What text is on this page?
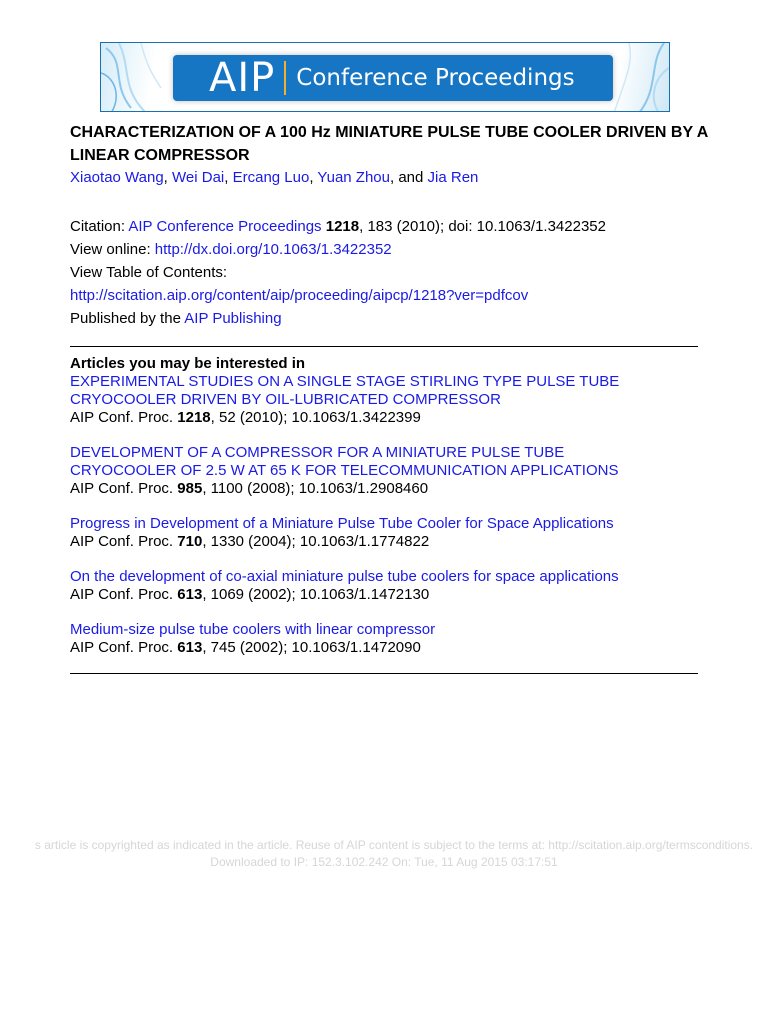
AIP Conference Proceedings
CHARACTERIZATION OF A 100 Hz MINIATURE PULSE TUBE COOLER DRIVEN BY A LINEAR COMPRESSOR
Xiaotao Wang, Wei Dai, Ercang Luo, Yuan Zhou, and Jia Ren
Citation: AIP Conference Proceedings 1218, 183 (2010); doi: 10.1063/1.3422352
View online: http://dx.doi.org/10.1063/1.3422352
View Table of Contents:
http://scitation.aip.org/content/aip/proceeding/aipcp/1218?ver=pdfcov
Published by the AIP Publishing
Articles you may be interested in
EXPERIMENTAL STUDIES ON A SINGLE STAGE STIRLING TYPE PULSE TUBE
CRYOCOOLER DRIVEN BY OIL-LUBRICATED COMPRESSOR
AIP Conf. Proc. 1218, 52 (2010); 10.1063/1.3422399
DEVELOPMENT OF A COMPRESSOR FOR A MINIATURE PULSE TUBE
CRYOCOOLER OF 2.5 W AT 65 K FOR TELECOMMUNICATION APPLICATIONS
AIP Conf. Proc. 985, 1100 (2008); 10.1063/1.2908460
Progress in Development of a Miniature Pulse Tube Cooler for Space Applications
AIP Conf. Proc. 710, 1330 (2004); 10.1063/1.1774822
On the development of co-axial miniature pulse tube coolers for space applications
AIP Conf. Proc. 613, 1069 (2002); 10.1063/1.1472130
Medium-size pulse tube coolers with linear compressor
AIP Conf. Proc. 613, 745 (2002); 10.1063/1.1472090
s article is copyrighted as indicated in the article. Reuse of AIP content is subject to the terms at: http://scitation.aip.org/termsconditions.
Downloaded to IP: 152.3.102.242 On: Tue, 11 Aug 2015 03:17:51
